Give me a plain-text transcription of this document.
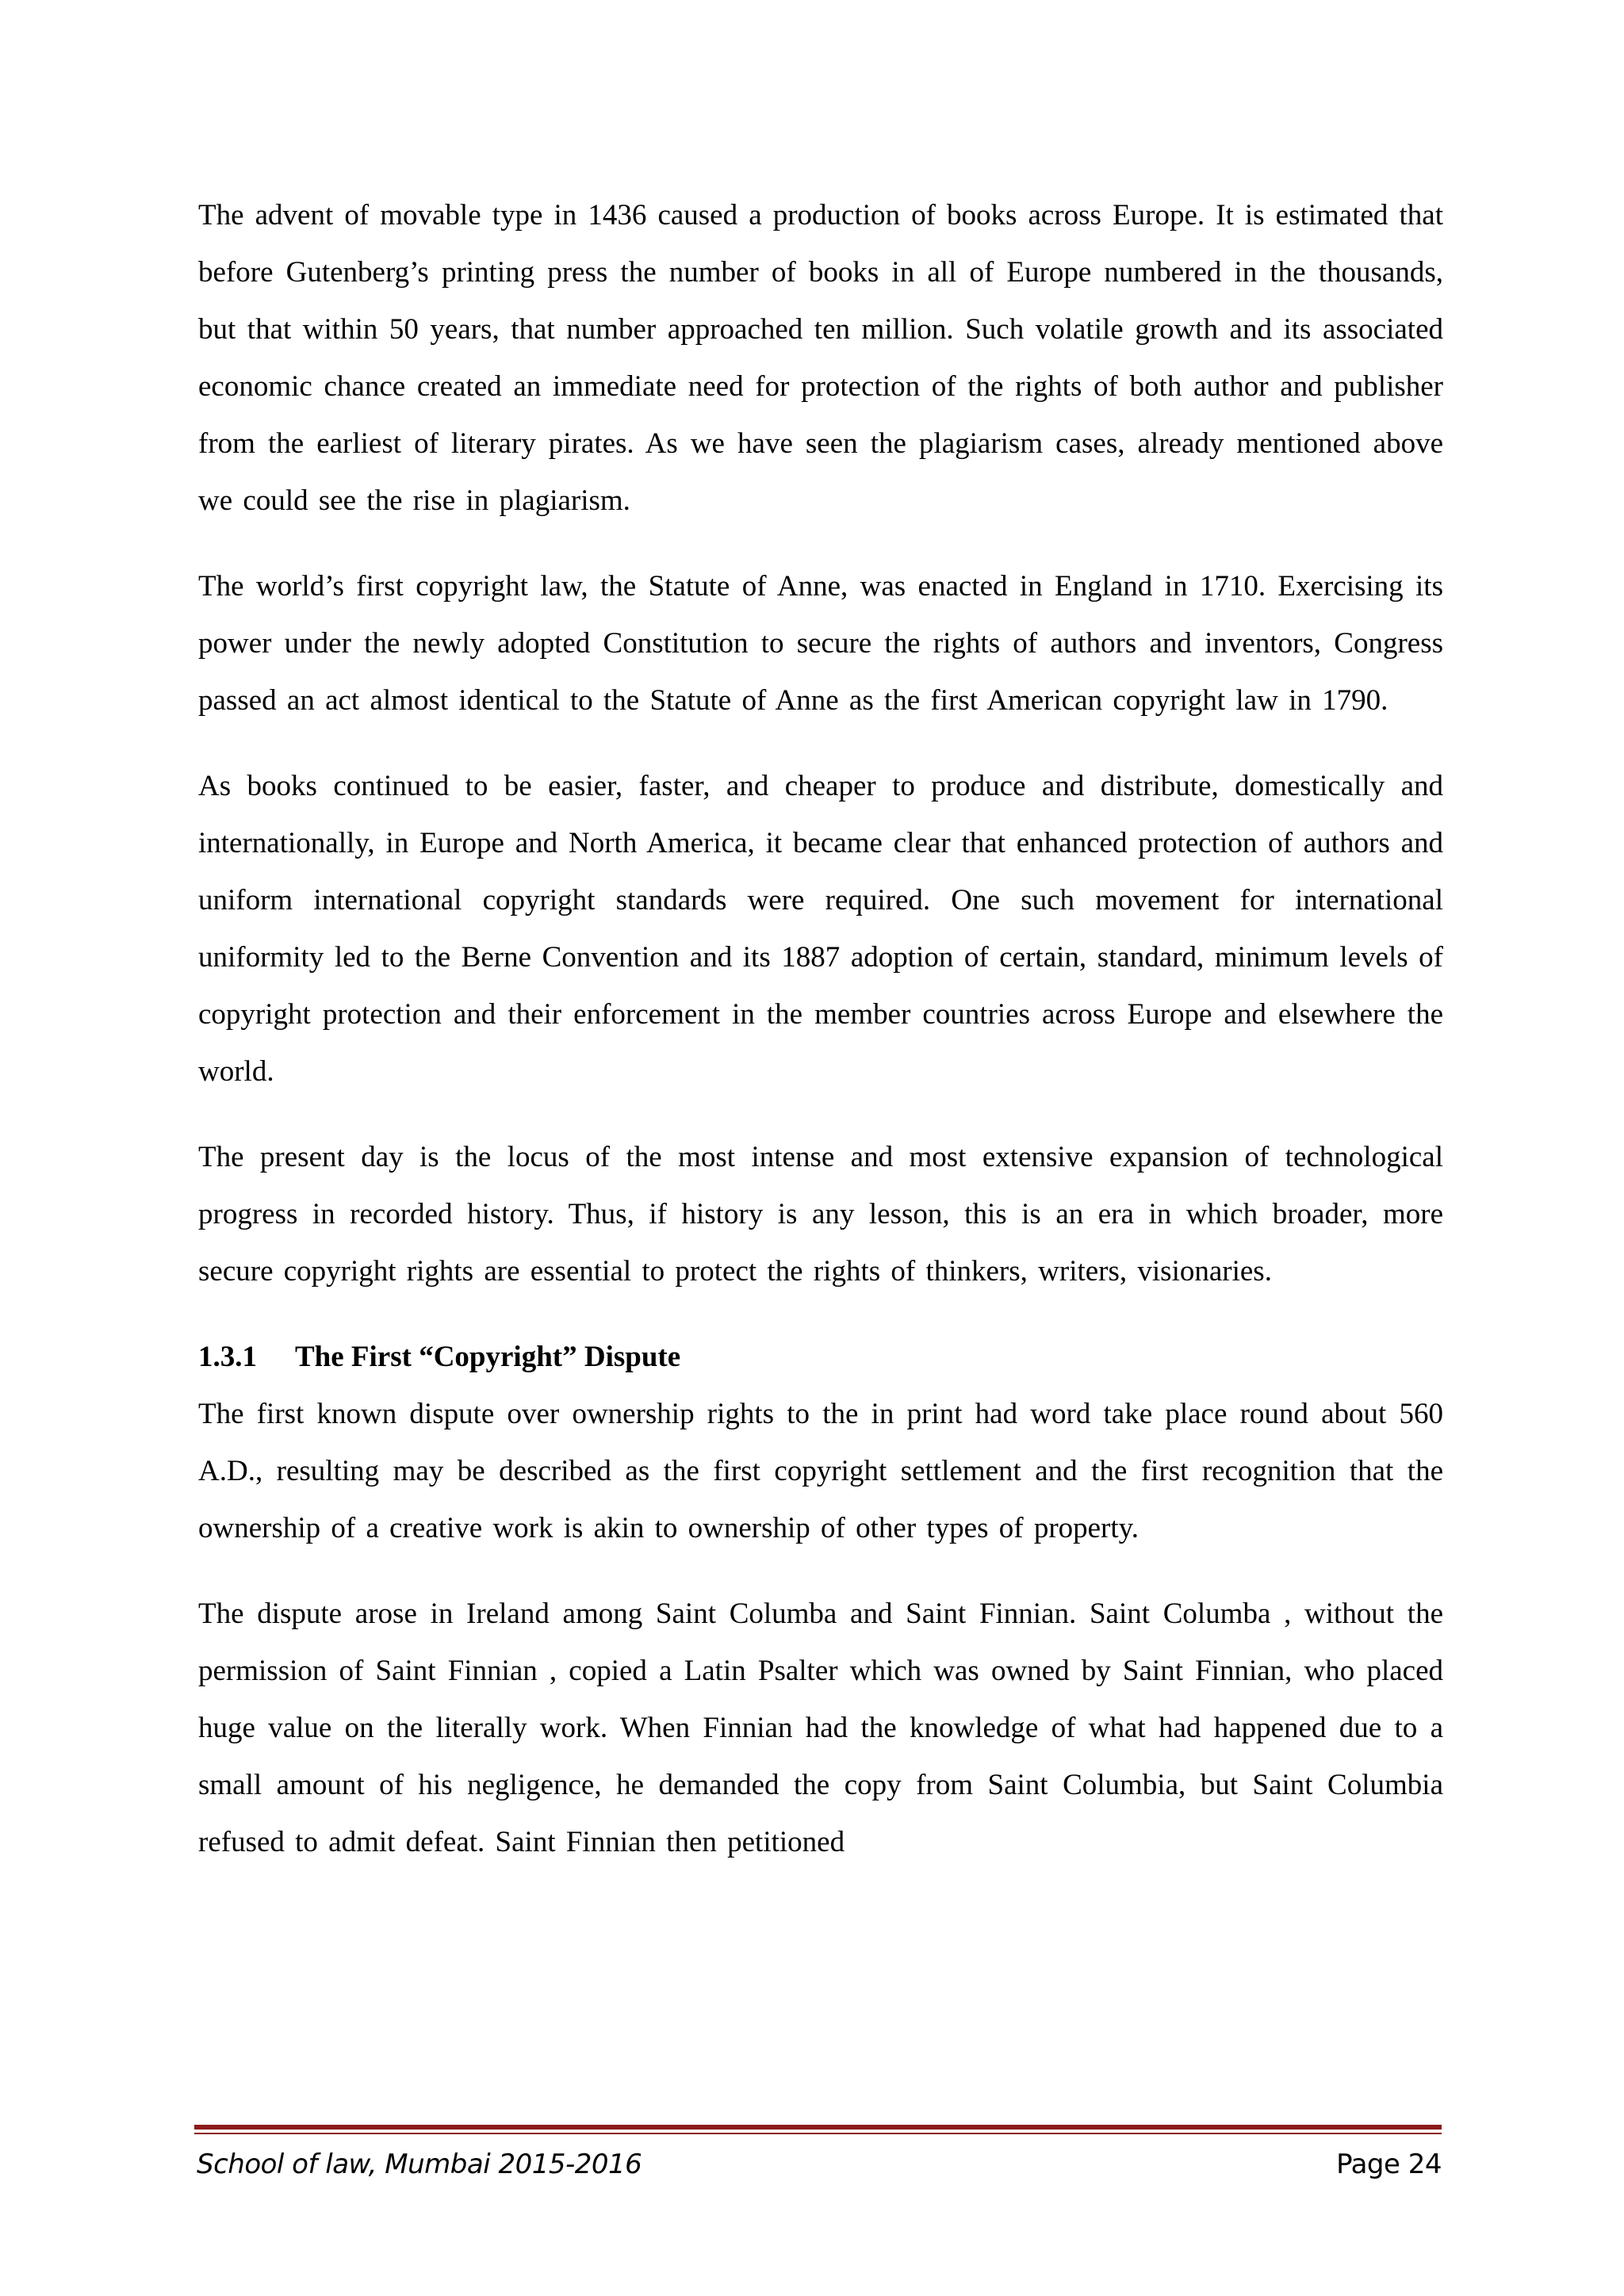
The advent of movable type in 1436 caused a production of books across Europe. It is estimated that before Gutenberg’s printing press the number of books in all of Europe numbered in the thousands, but that within 50 years, that number approached ten million. Such volatile growth and its associated economic chance created an immediate need for protection of the rights of both author and publisher from the earliest of literary pirates. As we have seen the plagiarism cases, already mentioned above we could see the rise in plagiarism.

The world’s first copyright law, the Statute of Anne, was enacted in England in 1710. Exercising its power under the newly adopted Constitution to secure the rights of authors and inventors, Congress passed an act almost identical to the Statute of Anne as the first American copyright law in 1790.

As books continued to be easier, faster, and cheaper to produce and distribute, domestically and internationally, in Europe and North America, it became clear that enhanced protection of authors and uniform international copyright standards were required. One such movement for international uniformity led to the Berne Convention and its 1887 adoption of certain, standard, minimum levels of copyright protection and their enforcement in the member countries across Europe and elsewhere the world.

The present day is the locus of the most intense and most extensive expansion of technological progress in recorded history. Thus, if history is any lesson, this is an era in which broader, more secure copyright rights are essential to protect the rights of thinkers, writers, visionaries.

1.3.1 The First “Copyright” Dispute

The first known dispute over ownership rights to the in print had word take place round about 560 A.D., resulting may be described as the first copyright settlement and the first recognition that the ownership of a creative work is akin to ownership of other types of property.

The dispute arose in Ireland among Saint Columba and Saint Finnian. Saint Columba , without the permission of Saint Finnian , copied a Latin Psalter which was owned by Saint Finnian, who placed huge value on the literally work. When Finnian had the knowledge of what had happened due to a small amount of his negligence, he demanded the copy from Saint Columbia, but Saint Columbia refused to admit defeat. Saint Finnian then petitioned

School of law, Mumbai 2015-2016	Page 24
